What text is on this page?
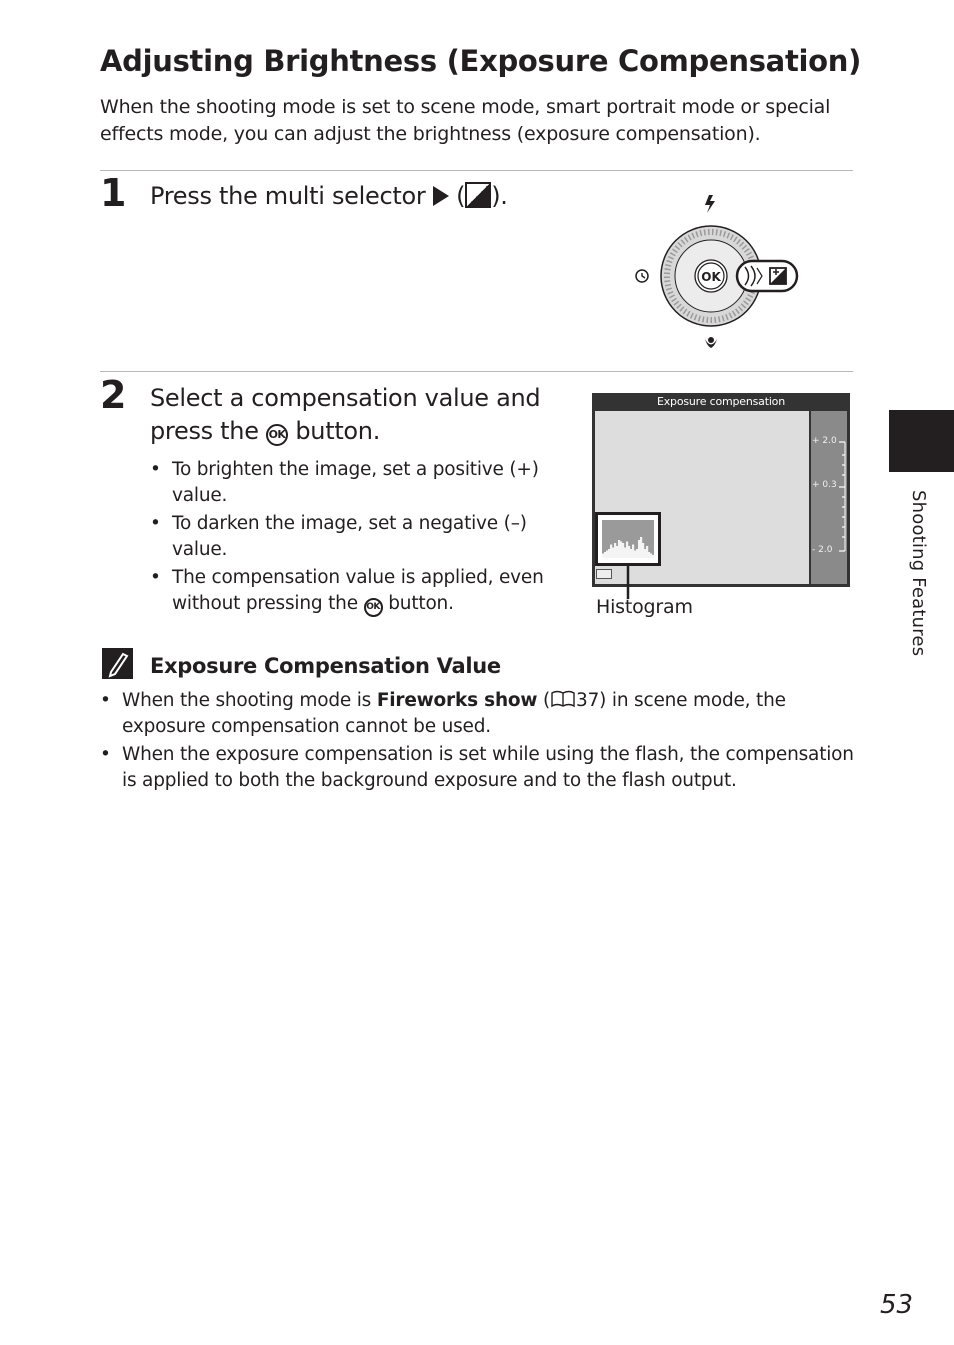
Adjusting Brightness (Exposure Compensation)

When the shooting mode is set to scene mode, smart portrait mode or special effects mode, you can adjust the brightness (exposure compensation).

1 Press the multi selector ( ).

OK
2 Select a compensation value and
press the OK button.

• To brighten the image, set a positive (+) value.
• To darken the image, set a negative (–) value.
• The compensation value is applied, even without pressing the OK button.
Exposure compensation
+ 2.0
+ 0.3
- 2.0
Histogram
Exposure Compensation Value
• When the shooting mode is Fireworks show ( 37) in scene mode, the exposure compensation cannot be used.
• When the exposure compensation is set while using the flash, the compensation is applied to both the background exposure and to the flash output.
Shooting Features
53
